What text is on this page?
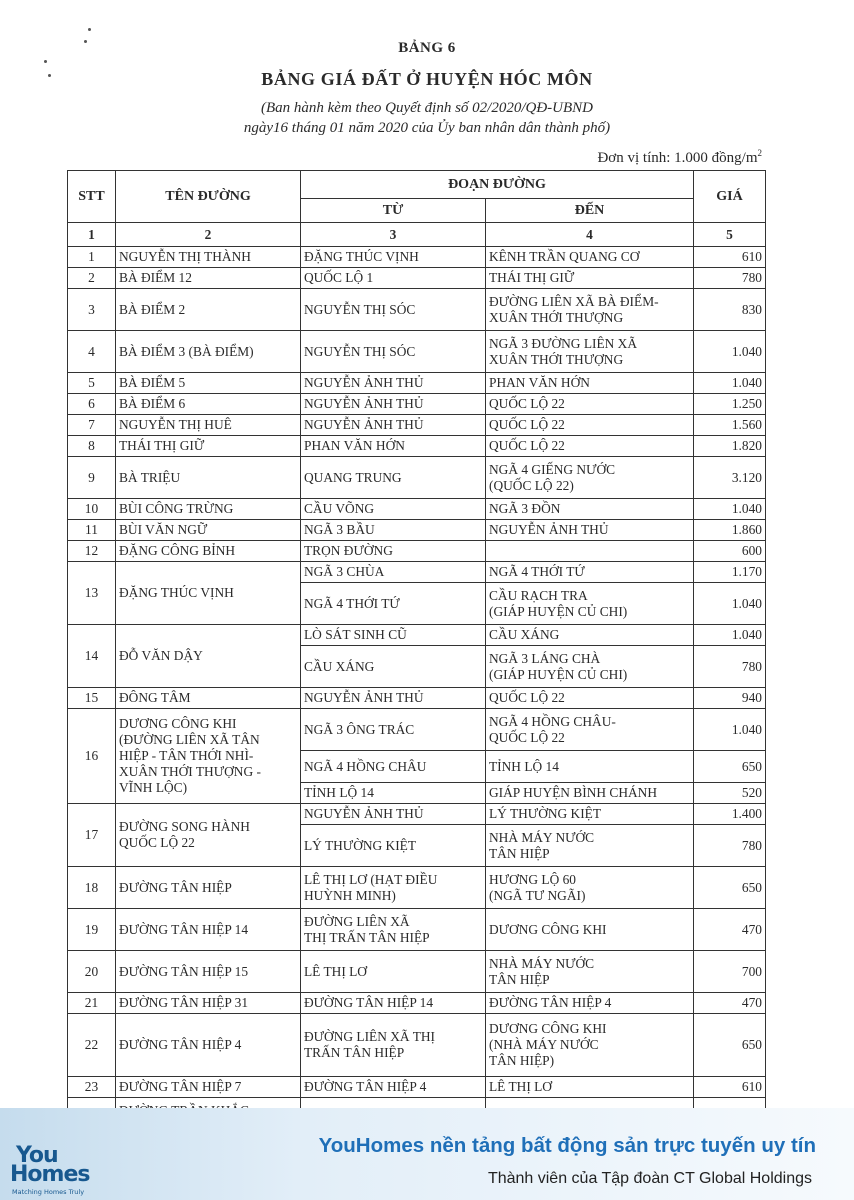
BẢNG 6
BẢNG GIÁ ĐẤT Ở HUYỆN HÓC MÔN
(Ban hành kèm theo Quyết định số 02/2020/QĐ-UBND
ngày16 tháng 01 năm 2020 của Ủy ban nhân dân thành phố)
Đơn vị tính: 1.000 đồng/$m^2$
STT	TÊN ĐƯỜNG	ĐOẠN ĐƯỜNG		GIÁ
		TỪ	ĐẾN	
1	2	3	4	5
1	NGUYỄN THỊ THÀNH	ĐẶNG THÚC VỊNH	KÊNH TRẦN QUANG CƠ	610
2	BÀ ĐIỂM 12	QUỐC LỘ 1	THÁI THỊ GIỮ	780
3	BÀ ĐIỂM 2	NGUYỄN THỊ SÓC	ĐƯỜNG LIÊN XÃ BÀ ĐIỂM-
XUÂN THỚI THƯỢNG	830
4	BÀ ĐIỂM 3 (BÀ ĐIỂM)	NGUYỄN THỊ SÓC	NGÃ 3 ĐƯỜNG LIÊN XÃ
XUÂN THỚI THƯỢNG	1.040
5	BÀ ĐIỂM 5	NGUYỄN ẢNH THỦ	PHAN VĂN HỚN	1.040
6	BÀ ĐIỂM 6	NGUYỄN ẢNH THỦ	QUỐC LỘ 22	1.250
7	NGUYỄN THỊ HUÊ	NGUYỄN ẢNH THỦ	QUỐC LỘ 22	1.560
8	THÁI THỊ GIỮ	PHAN VĂN HỚN	QUỐC LỘ 22	1.820
9	BÀ TRIỆU	QUANG TRUNG	NGÃ 4 GIẾNG NƯỚC
(QUỐC LỘ 22)	3.120
10	BÙI CÔNG TRỪNG	CẦU VÕNG	NGÃ 3 ĐỒN	1.040
11	BÙI VĂN NGỮ	NGÃ 3 BẦU	NGUYỄN ẢNH THỦ	1.860
12	ĐẶNG CÔNG BỈNH	TRỌN ĐƯỜNG		600
13	ĐẶNG THÚC VỊNH	NGÃ 3 CHÙA	NGÃ 4 THỚI TỨ	1.170
		NGÃ 4 THỚI TỨ	CẦU RẠCH TRA
(GIÁP HUYỆN CỦ CHI)	1.040
14	ĐỖ VĂN DẬY	LÒ SÁT SINH CŨ	CẦU XÁNG	1.040
		CẦU XÁNG	NGÃ 3 LÁNG CHÀ
(GIÁP HUYỆN CỦ CHI)	780
15	ĐÔNG TÂM	NGUYỄN ẢNH THỦ	QUỐC LỘ 22	940
16	DƯƠNG CÔNG KHI
(ĐƯỜNG LIÊN XÃ TÂN
HIỆP - TÂN THỚI NHÌ-
XUÂN THỚI THƯỢNG -
VĨNH LỘC)	NGÃ 3 ÔNG TRÁC	NGÃ 4 HỒNG CHÂU-
QUỐC LỘ 22	1.040
		NGÃ 4 HỒNG CHÂU	TỈNH LỘ 14	650
		TỈNH LỘ 14	GIÁP HUYỆN BÌNH CHÁNH	520
17	ĐƯỜNG SONG HÀNH
QUỐC LỘ 22	NGUYỄN ẢNH THỦ	LÝ THƯỜNG KIỆT	1.400
		LÝ THƯỜNG KIỆT	NHÀ MÁY NƯỚC
TÂN HIỆP	780
18	ĐƯỜNG TÂN HIỆP	LÊ THỊ LƠ (HẠT ĐIỀU
HUỲNH MINH)	HƯƠNG LỘ 60
(NGÃ TƯ NGÃI)	650
19	ĐƯỜNG TÂN HIỆP 14	ĐƯỜNG LIÊN XÃ
THỊ TRẤN TÂN HIỆP	DƯƠNG CÔNG KHI	470
20	ĐƯỜNG TÂN HIỆP 15	LÊ THỊ LƠ	NHÀ MÁY NƯỚC
TÂN HIỆP	700
21	ĐƯỜNG TÂN HIỆP 31	ĐƯỜNG TÂN HIỆP 14	ĐƯỜNG TÂN HIỆP 4	470
22	ĐƯỜNG TÂN HIỆP 4	ĐƯỜNG LIÊN XÃ THỊ
TRẤN TÂN HIỆP	DƯƠNG CÔNG KHI
(NHÀ MÁY NƯỚC
TÂN HIỆP)	650
23	ĐƯỜNG TÂN HIỆP 7	ĐƯỜNG TÂN HIỆP 4	LÊ THỊ LƠ	610

You
Homes
Matching Homes Truly
YouHomes nền tảng bất động sản trực tuyến uy tín
Thành viên của Tập đoàn CT Global Holdings
